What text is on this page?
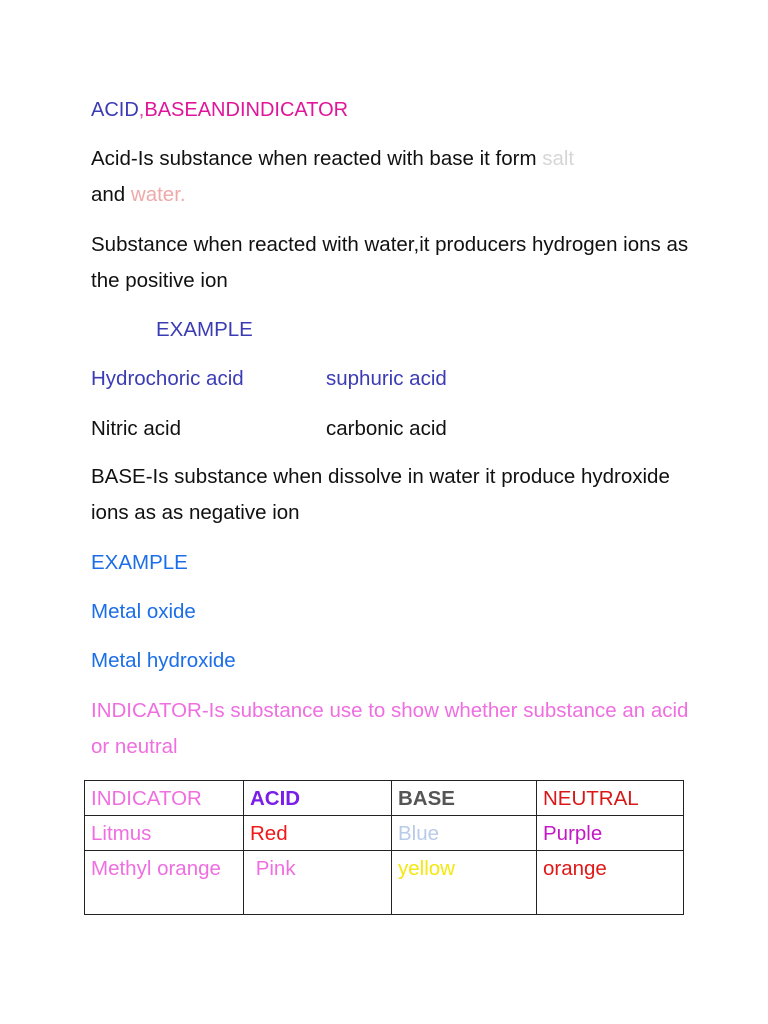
ACID,BASEANDINDICATOR

Acid-Is substance when reacted with base it form salt
and water.

Substance when reacted with water,it producers hydrogen ions as the positive ion

EXAMPLE

Hydrochoric acid	suphuric acid
Nitric acid	carbonic acid

BASE-Is substance when dissolve in water it produce hydroxide ions as as negative ion

EXAMPLE

Metal oxide

Metal hydroxide

INDICATOR-Is substance use to show whether substance an acid or neutral

INDICATOR	ACID	BASE	NEUTRAL
Litmus	Red	Blue	Purple
Methyl orange	Pink	yellow	orange
